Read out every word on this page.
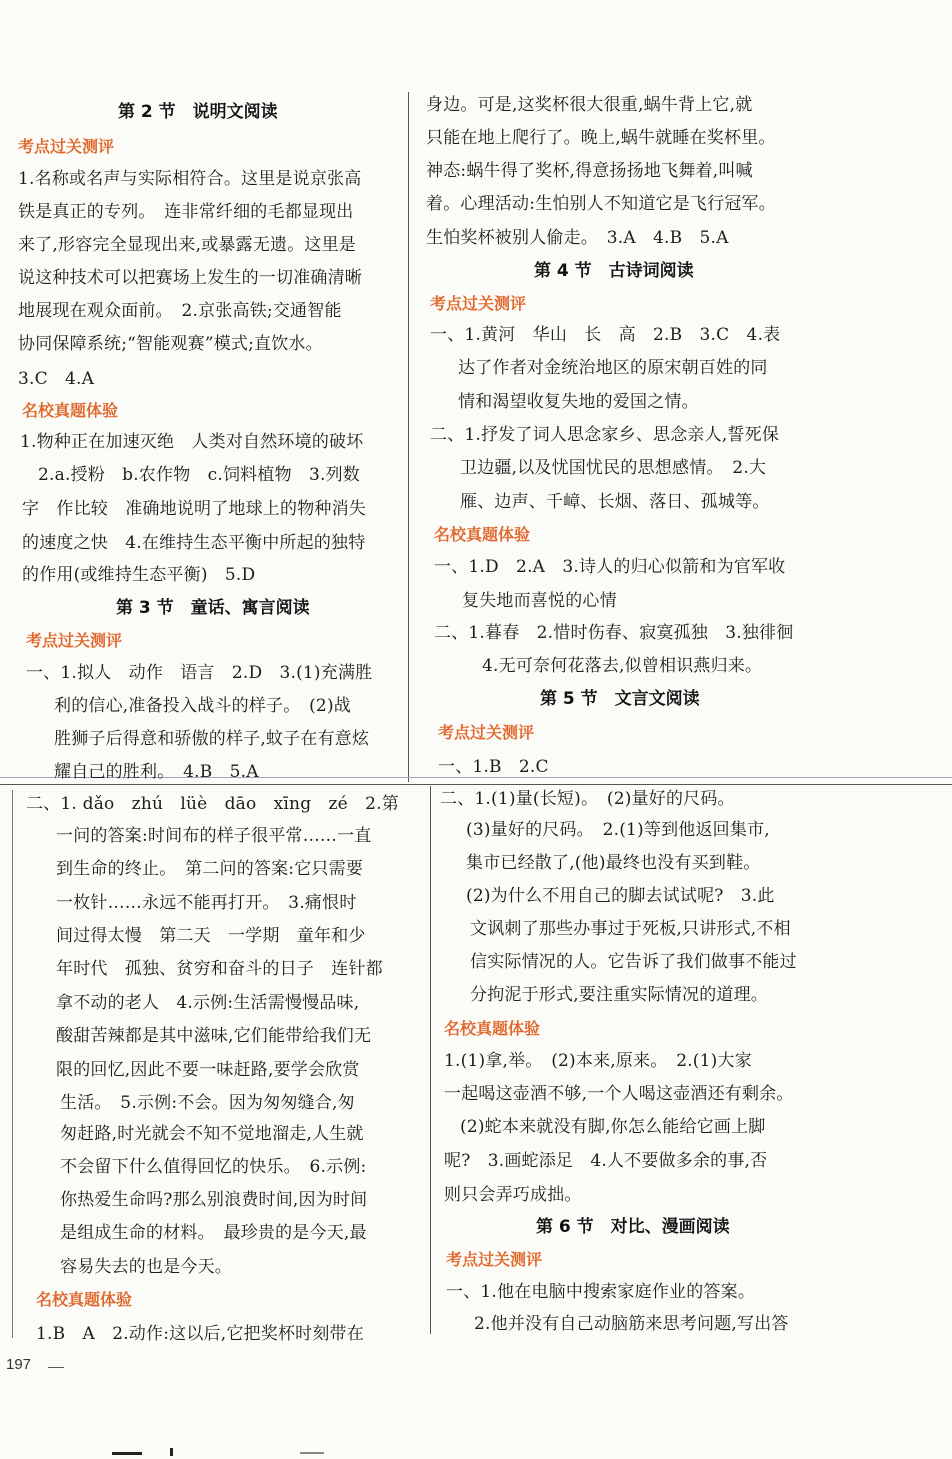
第 2 节　说明文阅读
考点过关测评
1.名称或名声与实际相符合。这里是说京张高
铁是真正的专列。　连非常纤细的毛都显现出
来了,形容完全显现出来,或暴露无遗。这里是
说这种技术可以把赛场上发生的一切准确清晰
地展现在观众面前。　2.京张高铁;交通智能
协同保障系统;“智能观赛”模式;直饮水。
3.C　4.A
名校真题体验
1.物种正在加速灭绝　人类对自然环境的破坏
2.a.授粉　b.农作物　c.饲料植物　3.列数
字　作比较　准确地说明了地球上的物种消失
的速度之快　4.在维持生态平衡中所起的独特
的作用(或维持生态平衡)　5.D
第 3 节　童话、寓言阅读
考点过关测评
一、1.拟人　动作　语言　2.D　3.(1)充满胜
利的信心,准备投入战斗的样子。　(2)战
胜狮子后得意和骄傲的样子,蚊子在有意炫
耀自己的胜利。　4.B　5.A
二、1. dǎo　zhú　lüè　dāo　xīng　zé　2.第
一问的答案:时间布的样子很平常……一直
到生命的终止。　第二问的答案:它只需要
一枚针……永远不能再打开。　3.痛恨时
间过得太慢　第二天　一学期　童年和少
年时代　孤独、贫穷和奋斗的日子　连针都
拿不动的老人　4.示例:生活需慢慢品味,
酸甜苦辣都是其中滋味,它们能带给我们无
限的回忆,因此不要一味赶路,要学会欣赏
生活。　5.示例:不会。因为匆匆缝合,匆
匆赶路,时光就会不知不觉地溜走,人生就
不会留下什么值得回忆的快乐。　6.示例:
你热爱生命吗?那么别浪费时间,因为时间
是组成生命的材料。　最珍贵的是今天,最
容易失去的也是今天。
名校真题体验
1.B　A　2.动作:这以后,它把奖杯时刻带在
身边。可是,这奖杯很大很重,蜗牛背上它,就
只能在地上爬行了。晚上,蜗牛就睡在奖杯里。
神态:蜗牛得了奖杯,得意扬扬地飞舞着,叫喊
着。心理活动:生怕别人不知道它是飞行冠军。
生怕奖杯被别人偷走。　3.A　4.B　5.A
第 4 节　古诗词阅读
考点过关测评
一、1.黄河　华山　长　高　2.B　3.C　4.表
达了作者对金统治地区的原宋朝百姓的同
情和渴望收复失地的爱国之情。
二、1.抒发了词人思念家乡、思念亲人,誓死保
卫边疆,以及忧国忧民的思想感情。　2.大
雁、边声、千嶂、长烟、落日、孤城等。
名校真题体验
一、1.D　2.A　3.诗人的归心似箭和为官军收
复失地而喜悦的心情
二、1.暮春　2.惜时伤春、寂寞孤独　3.独徘徊
4.无可奈何花落去,似曾相识燕归来。
第 5 节　文言文阅读
考点过关测评
一、1.B　2.C
二、1.(1)量(长短)。　(2)量好的尺码。
(3)量好的尺码。　2.(1)等到他返回集市,
集市已经散了,(他)最终也没有买到鞋。
(2)为什么不用自己的脚去试试呢?　3.此
文讽刺了那些办事过于死板,只讲形式,不相
信实际情况的人。它告诉了我们做事不能过
分拘泥于形式,要注重实际情况的道理。
名校真题体验
1.(1)拿,举。　(2)本来,原来。　2.(1)大家
一起喝这壶酒不够,一个人喝这壶酒还有剩余。
(2)蛇本来就没有脚,你怎么能给它画上脚
呢?　3.画蛇添足　4.人不要做多余的事,否
则只会弄巧成拙。
第 6 节　对比、漫画阅读
考点过关测评
一、1.他在电脑中搜索家庭作业的答案。
2.他并没有自己动脑筋来思考问题,写出答
197
